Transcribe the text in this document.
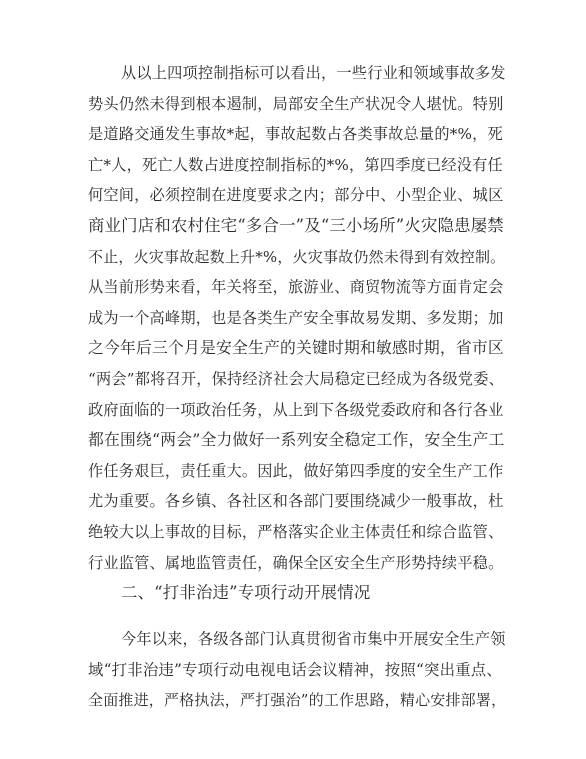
从以上四项控制指标可以看出，一些行业和领域事故多发
势头仍然未得到根本遏制，局部安全生产状况令人堪忧。特别
是道路交通发生事故*起，事故起数占各类事故总量的*%，死
亡*人，死亡人数占进度控制指标的*%，第四季度已经没有任
何空间，必须控制在进度要求之内；部分中、小型企业、城区
商业门店和农村住宅“多合一”及“三小场所”火灾隐患屡禁
不止，火灾事故起数上升*%，火灾事故仍然未得到有效控制。
从当前形势来看，年关将至，旅游业、商贸物流等方面肯定会
成为一个高峰期，也是各类生产安全事故易发期、多发期；加
之今年后三个月是安全生产的关键时期和敏感时期，省市区
“两会”都将召开，保持经济社会大局稳定已经成为各级党委、
政府面临的一项政治任务，从上到下各级党委政府和各行各业
都在围绕“两会”全力做好一系列安全稳定工作，安全生产工
作任务艰巨，责任重大。因此，做好第四季度的安全生产工作
尤为重要。各乡镇、各社区和各部门要围绕减少一般事故，杜
绝较大以上事故的目标，严格落实企业主体责任和综合监管、
行业监管、属地监管责任，确保全区安全生产形势持续平稳。
二、“打非治违”专项行动开展情况
今年以来，各级各部门认真贯彻省市集中开展安全生产领
域“打非治违”专项行动电视电话会议精神，按照“突出重点、
全面推进，严格执法，严打强治”的工作思路，精心安排部署，
